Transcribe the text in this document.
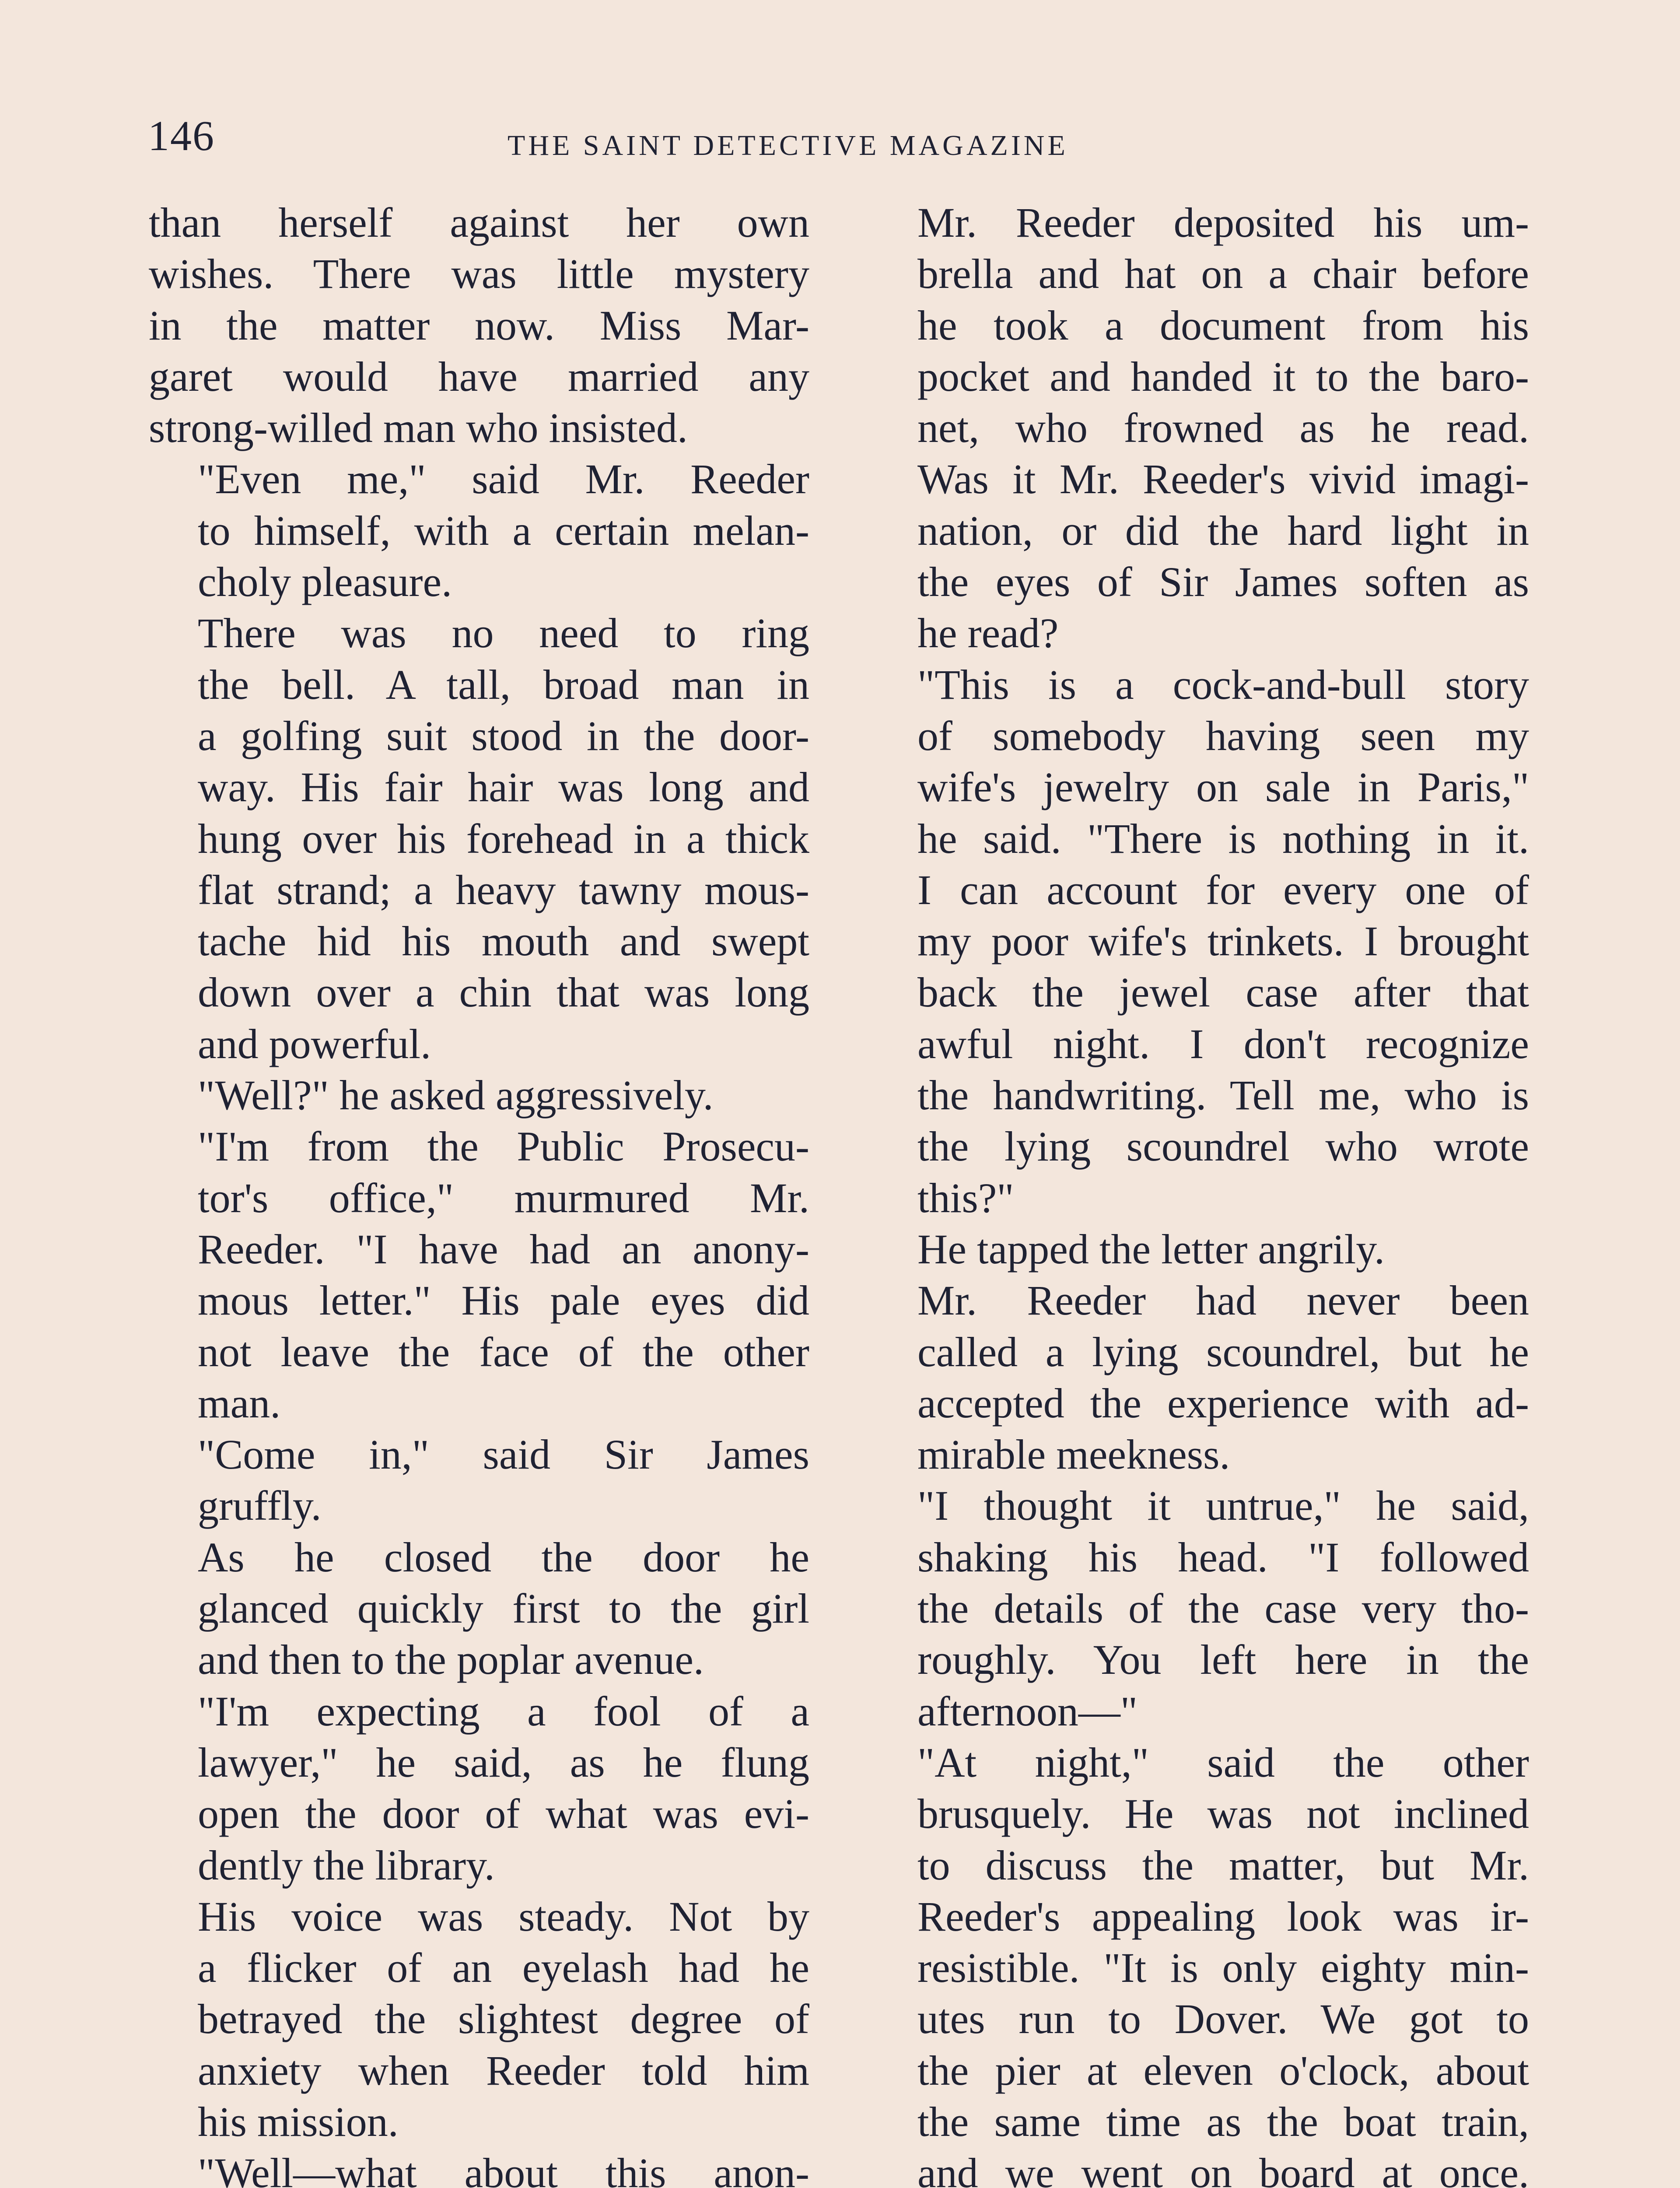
146	THE SAINT DETECTIVE MAGAZINE
than herself against her own
wishes. There was little mystery
in the matter now. Miss Mar-
garet would have married any
strong-willed man who insisted.
"Even me," said Mr. Reeder
to himself, with a certain melan-
choly pleasure.
There was no need to ring
the bell. A tall, broad man in
a golfing suit stood in the door-
way. His fair hair was long and
hung over his forehead in a thick
flat strand; a heavy tawny mous-
tache hid his mouth and swept
down over a chin that was long
and powerful.
"Well?" he asked aggressively.
"I'm from the Public Prosecu-
tor's office," murmured Mr.
Reeder. "I have had an anony-
mous letter." His pale eyes did
not leave the face of the other
man.
"Come in," said Sir James
gruffly.
As he closed the door he
glanced quickly first to the girl
and then to the poplar avenue.
"I'm expecting a fool of a
lawyer," he said, as he flung
open the door of what was evi-
dently the library.
His voice was steady. Not by
a flicker of an eyelash had he
betrayed the slightest degree of
anxiety when Reeder told him
his mission.
"Well—what about this anon-
Mr. Reeder deposited his um-
brella and hat on a chair before
he took a document from his
pocket and handed it to the baro-
net, who frowned as he read.
Was it Mr. Reeder's vivid imagi-
nation, or did the hard light in
the eyes of Sir James soften as
he read?
"This is a cock-and-bull story
of somebody having seen my
wife's jewelry on sale in Paris,"
he said. "There is nothing in it.
I can account for every one of
my poor wife's trinkets. I brought
back the jewel case after that
awful night. I don't recognize
the handwriting. Tell me, who is
the lying scoundrel who wrote
this?"
He tapped the letter angrily.
Mr. Reeder had never been
called a lying scoundrel, but he
accepted the experience with ad-
mirable meekness.
"I thought it untrue," he said,
shaking his head. "I followed
the details of the case very tho-
roughly. You left here in the
afternoon—"
"At night," said the other
brusquely. He was not inclined
to discuss the matter, but Mr.
Reeder's appealing look was ir-
resistible. "It is only eighty min-
utes run to Dover. We got to
the pier at eleven o'clock, about
the same time as the boat train,
and we went on board at once.
